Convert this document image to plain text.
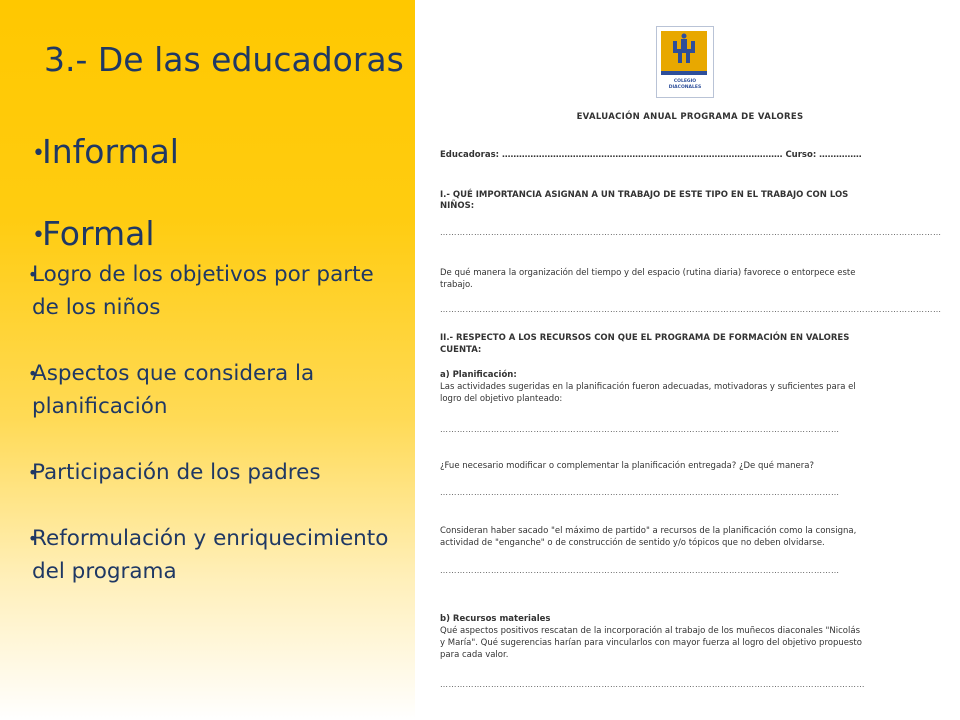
3.- De las educadoras
• Informal
• Formal
• Logro de los objetivos por parte de los niños
• Aspectos que considera la planificación
• Participación de los padres
• Reformulación y enriquecimiento del programa
COLEGIO DIACONALES
EVALUACIÓN ANUAL PROGRAMA DE VALORES
Educadoras: ……………………………………………………………………………………… Curso: ……………
I.- QUÉ IMPORTANCIA ASIGNAN A UN TRABAJO DE ESTE TIPO EN EL TRABAJO CON LOS
NIÑOS:
……………………………………………………………………………………………………………………………………………………………
De qué manera la organización del tiempo y del espacio (rutina diaria) favorece o entorpece este
trabajo.
……………………………………………………………………………………………………………………………………………………………
II.- RESPECTO A LOS RECURSOS CON QUE EL PROGRAMA DE FORMACIÓN EN VALORES
CUENTA:
a) Planificación:
Las actividades sugeridas en la planificación fueron adecuadas, motivadoras y suficientes para el
logro del objetivo planteado:
……………………………………………………………………………………………………………………………
¿Fue necesario modificar o complementar la planificación entregada? ¿De qué manera?
……………………………………………………………………………………………………………………………
Consideran haber sacado "el máximo de partido" a recursos de la planificación como la consigna,
actividad de "enganche" o de construcción de sentido y/o tópicos que no deben olvidarse.
……………………………………………………………………………………………………………………………
b) Recursos materiales
Qué aspectos positivos rescatan de la incorporación al trabajo de los muñecos diaconales "Nicolás
y María". Qué sugerencias harían para vincularlos con mayor fuerza al logro del objetivo propuesto
para cada valor.
……………………………………………………………………………………………………………………………………
